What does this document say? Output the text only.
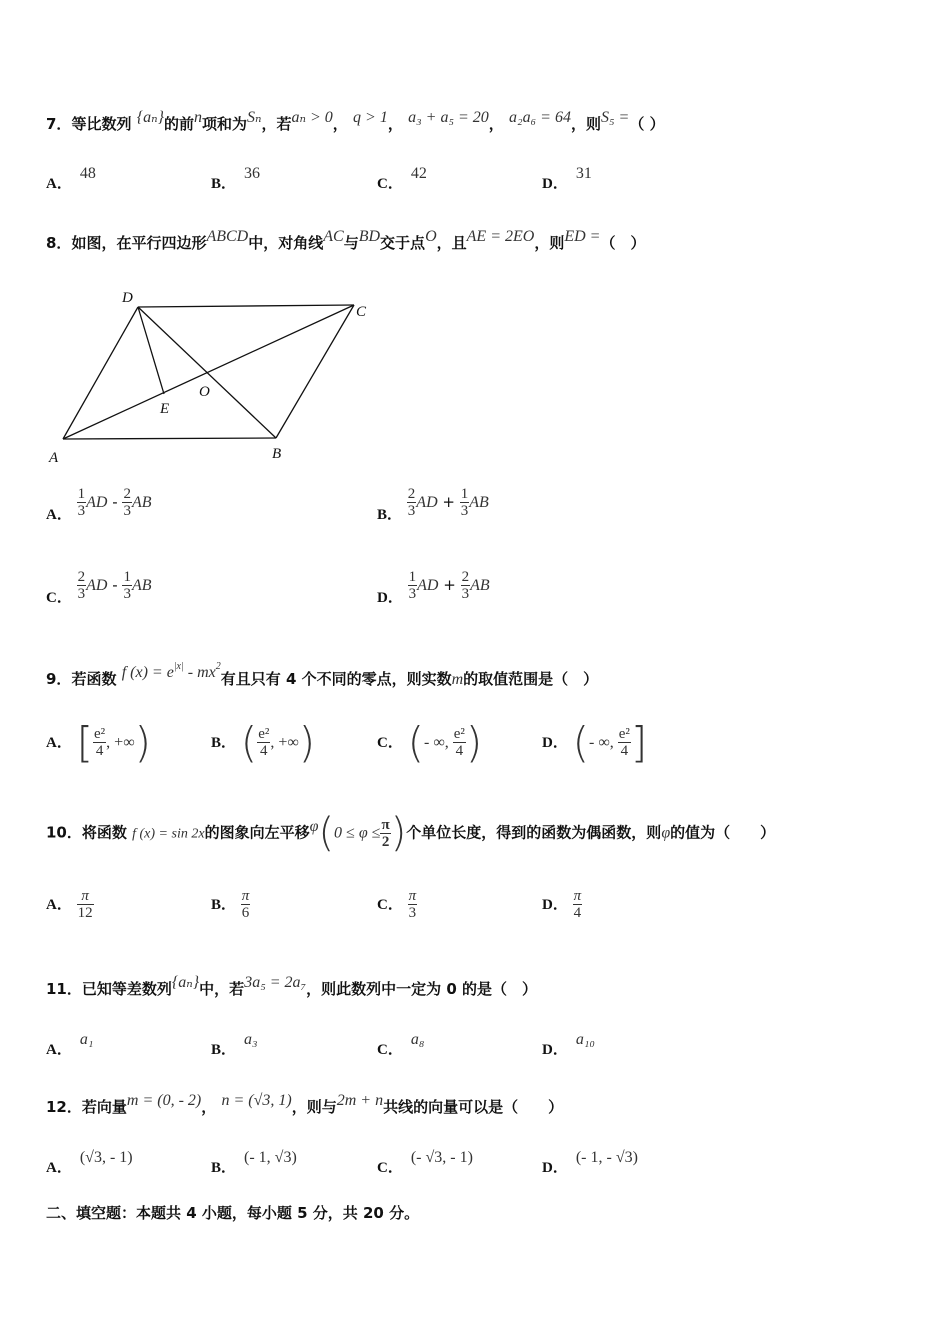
7．等比数列 {aₙ}的前n项和为Sₙ，若aₙ > 0， q > 1， a₃ + a₅ = 20， a₂a₆ = 64，则S₅ =（ ）
A．48
B．36
C．42
D．31
8．如图，在平行四边形ABCD中，对角线AC与BD交于点O，且AE = 2EO，则ED =（　）
A	B
C
D
E
O
A． $\frac{1}{3}$ AD - $\frac{2}{3}$ AB
B． $\frac{2}{3}$ AD + $\frac{1}{3}$ AB
C． $\frac{2}{3}$ AD - $\frac{1}{3}$ AB
D． $\frac{1}{3}$ AD + $\frac{2}{3}$ AB
9．若函数 f $(x) = e^{|x|} - mx^2$有且只有 4 个不同的零点，则实数m的取值范围是（　）
A． [ $\frac{\text{e²}}{4}$ , +∞)	B． ( $\frac{\text{e²}}{4}$ , +∞)	C． (- ∞, $\frac{\text{e²}}{4}$ )	D． (- ∞, $\frac{\text{e²}}{4}$ ]
10．将函数 f (x) = sin 2x的图象向左平移$\varphi(0 \le \varphi \le \frac{\pi}{2}$ )个单位长度，得到的函数为偶函数，则φ的值为（　　）
A． $\frac{\pi}{12}$	B． $\frac{\pi}{6}$	C． $\frac{\pi}{3}$	D． $\frac{\pi}{4}$
11．已知等差数列{aₙ}中，若3a₅ = 2a₇，则此数列中一定为 0 的是（　）
A．a₁
B．a₃
C．a₈
D．a₁₀
12．若向量m = (0, - 2)， n = (√3, 1)，则与2m + n共线的向量可以是（　　）
A．(√3, - 1)
B．(- 1, √3)
C．(- √3, - 1)
D．(- 1, - √3)
二、填空题：本题共 4 小题，每小题 5 分，共 20 分。
